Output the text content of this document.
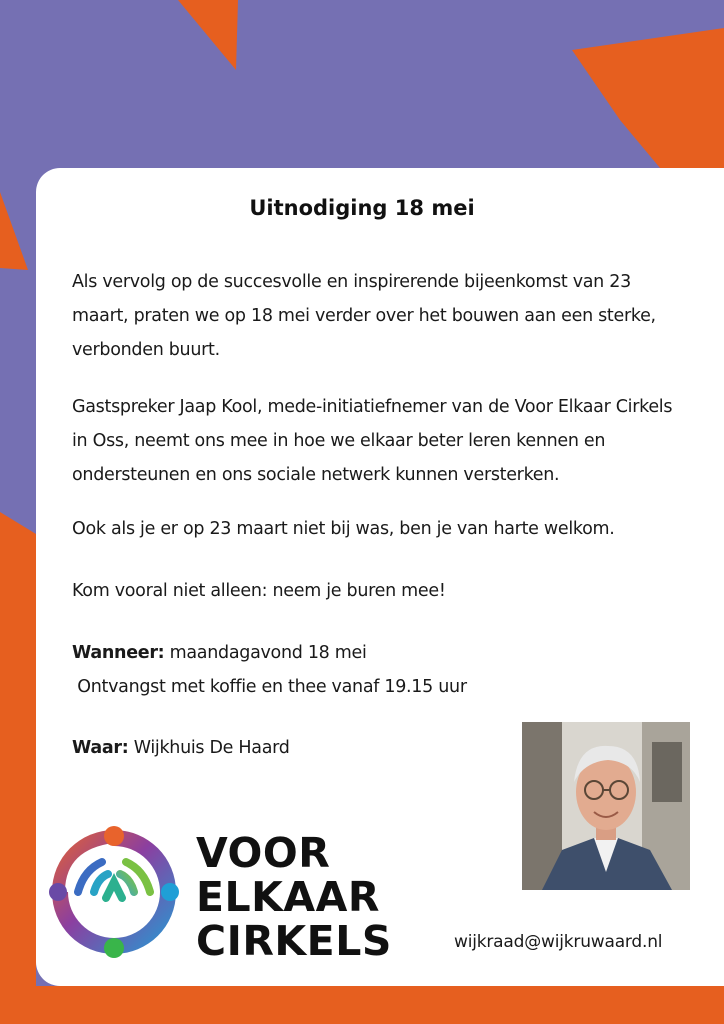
Uitnodiging 18 mei

Als vervolg op de succesvolle en inspirerende bijeenkomst van 23 maart, praten we op 18 mei verder over het bouwen aan een sterke, verbonden buurt.

Gastspreker Jaap Kool, mede-initiatiefnemer van de Voor Elkaar Cirkels in Oss, neemt ons mee in hoe we elkaar beter leren kennen en ondersteunen en ons sociale netwerk kunnen versterken.

Ook als je er op 23 maart niet bij was, ben je van harte welkom.

Kom vooral niet alleen: neem je buren mee!

Wanneer: maandagavond 18 mei
Ontvangst met koffie en thee vanaf 19.15 uur
Waar: Wijkhuis De Haard
VOOR
ELKAAR
CIRKELS	wijkraad@wijkruwaard.nl
